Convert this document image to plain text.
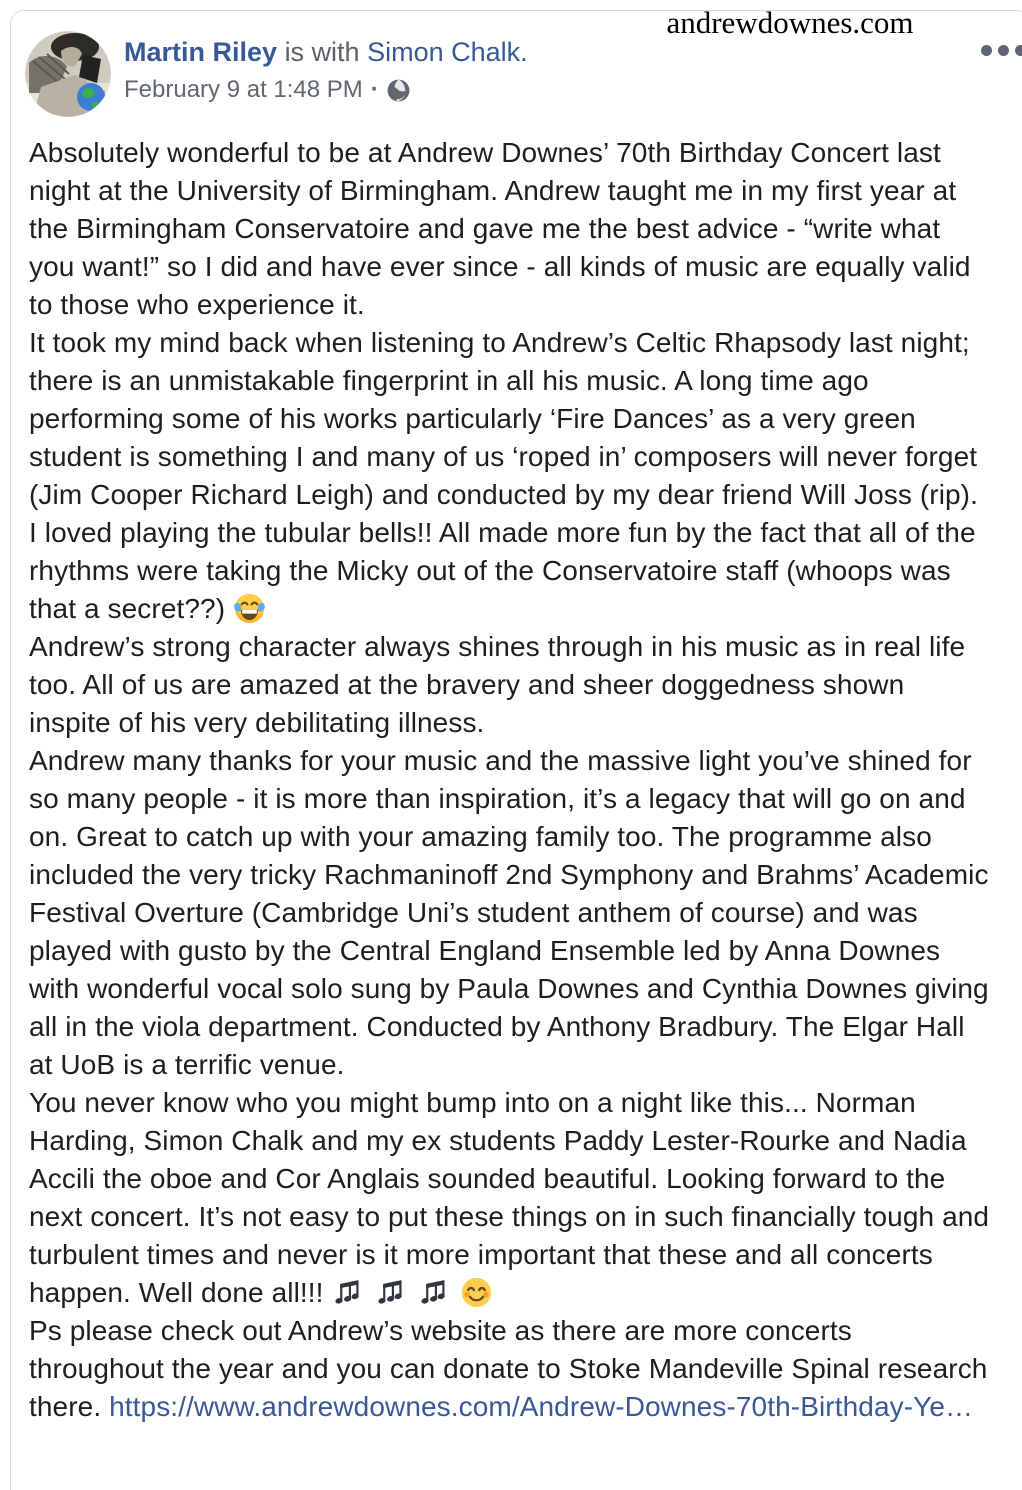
andrewdownes.com
Martin Riley is with Simon Chalk.
February 9 at 1:48 PM ·
Absolutely wonderful to be at Andrew Downes’ 70th Birthday Concert last night at the University of Birmingham. Andrew taught me in my first year at the Birmingham Conservatoire and gave me the best advice - “write what you want!” so I did and have ever since - all kinds of music are equally valid to those who experience it.
It took my mind back when listening to Andrew’s Celtic Rhapsody last night; there is an unmistakable fingerprint in all his music. A long time ago performing some of his works particularly ‘Fire Dances’ as a very green student is something I and many of us ‘roped in’ composers will never forget (Jim Cooper Richard Leigh) and conducted by my dear friend Will Joss (rip). I loved playing the tubular bells!! All made more fun by the fact that all of the rhythms were taking the Micky out of the Conservatoire staff (whoops was that a secret??)
Andrew’s strong character always shines through in his music as in real life too. All of us are amazed at the bravery and sheer doggedness shown inspite of his very debilitating illness.
Andrew many thanks for your music and the massive light you’ve shined for so many people - it is more than inspiration, it’s a legacy that will go on and on. Great to catch up with your amazing family too. The programme also included the very tricky Rachmaninoff 2nd Symphony and Brahms’ Academic Festival Overture (Cambridge Uni’s student anthem of course) and was played with gusto by the Central England Ensemble led by Anna Downes with wonderful vocal solo sung by Paula Downes and Cynthia Downes giving all in the viola department. Conducted by Anthony Bradbury. The Elgar Hall at UoB is a terrific venue.
You never know who you might bump into on a night like this... Norman Harding, Simon Chalk and my ex students Paddy Lester-Rourke and Nadia Accili the oboe and Cor Anglais sounded beautiful. Looking forward to the next concert. It’s not easy to put these things on in such financially tough and turbulent times and never is it more important that these and all concerts happen. Well done all!!!

Ps please check out Andrew’s website as there are more concerts throughout the year and you can donate to Stoke Mandeville Spinal research there. https://www.andrewdownes.com/Andrew-Downes-70th-Birthday-Ye…
